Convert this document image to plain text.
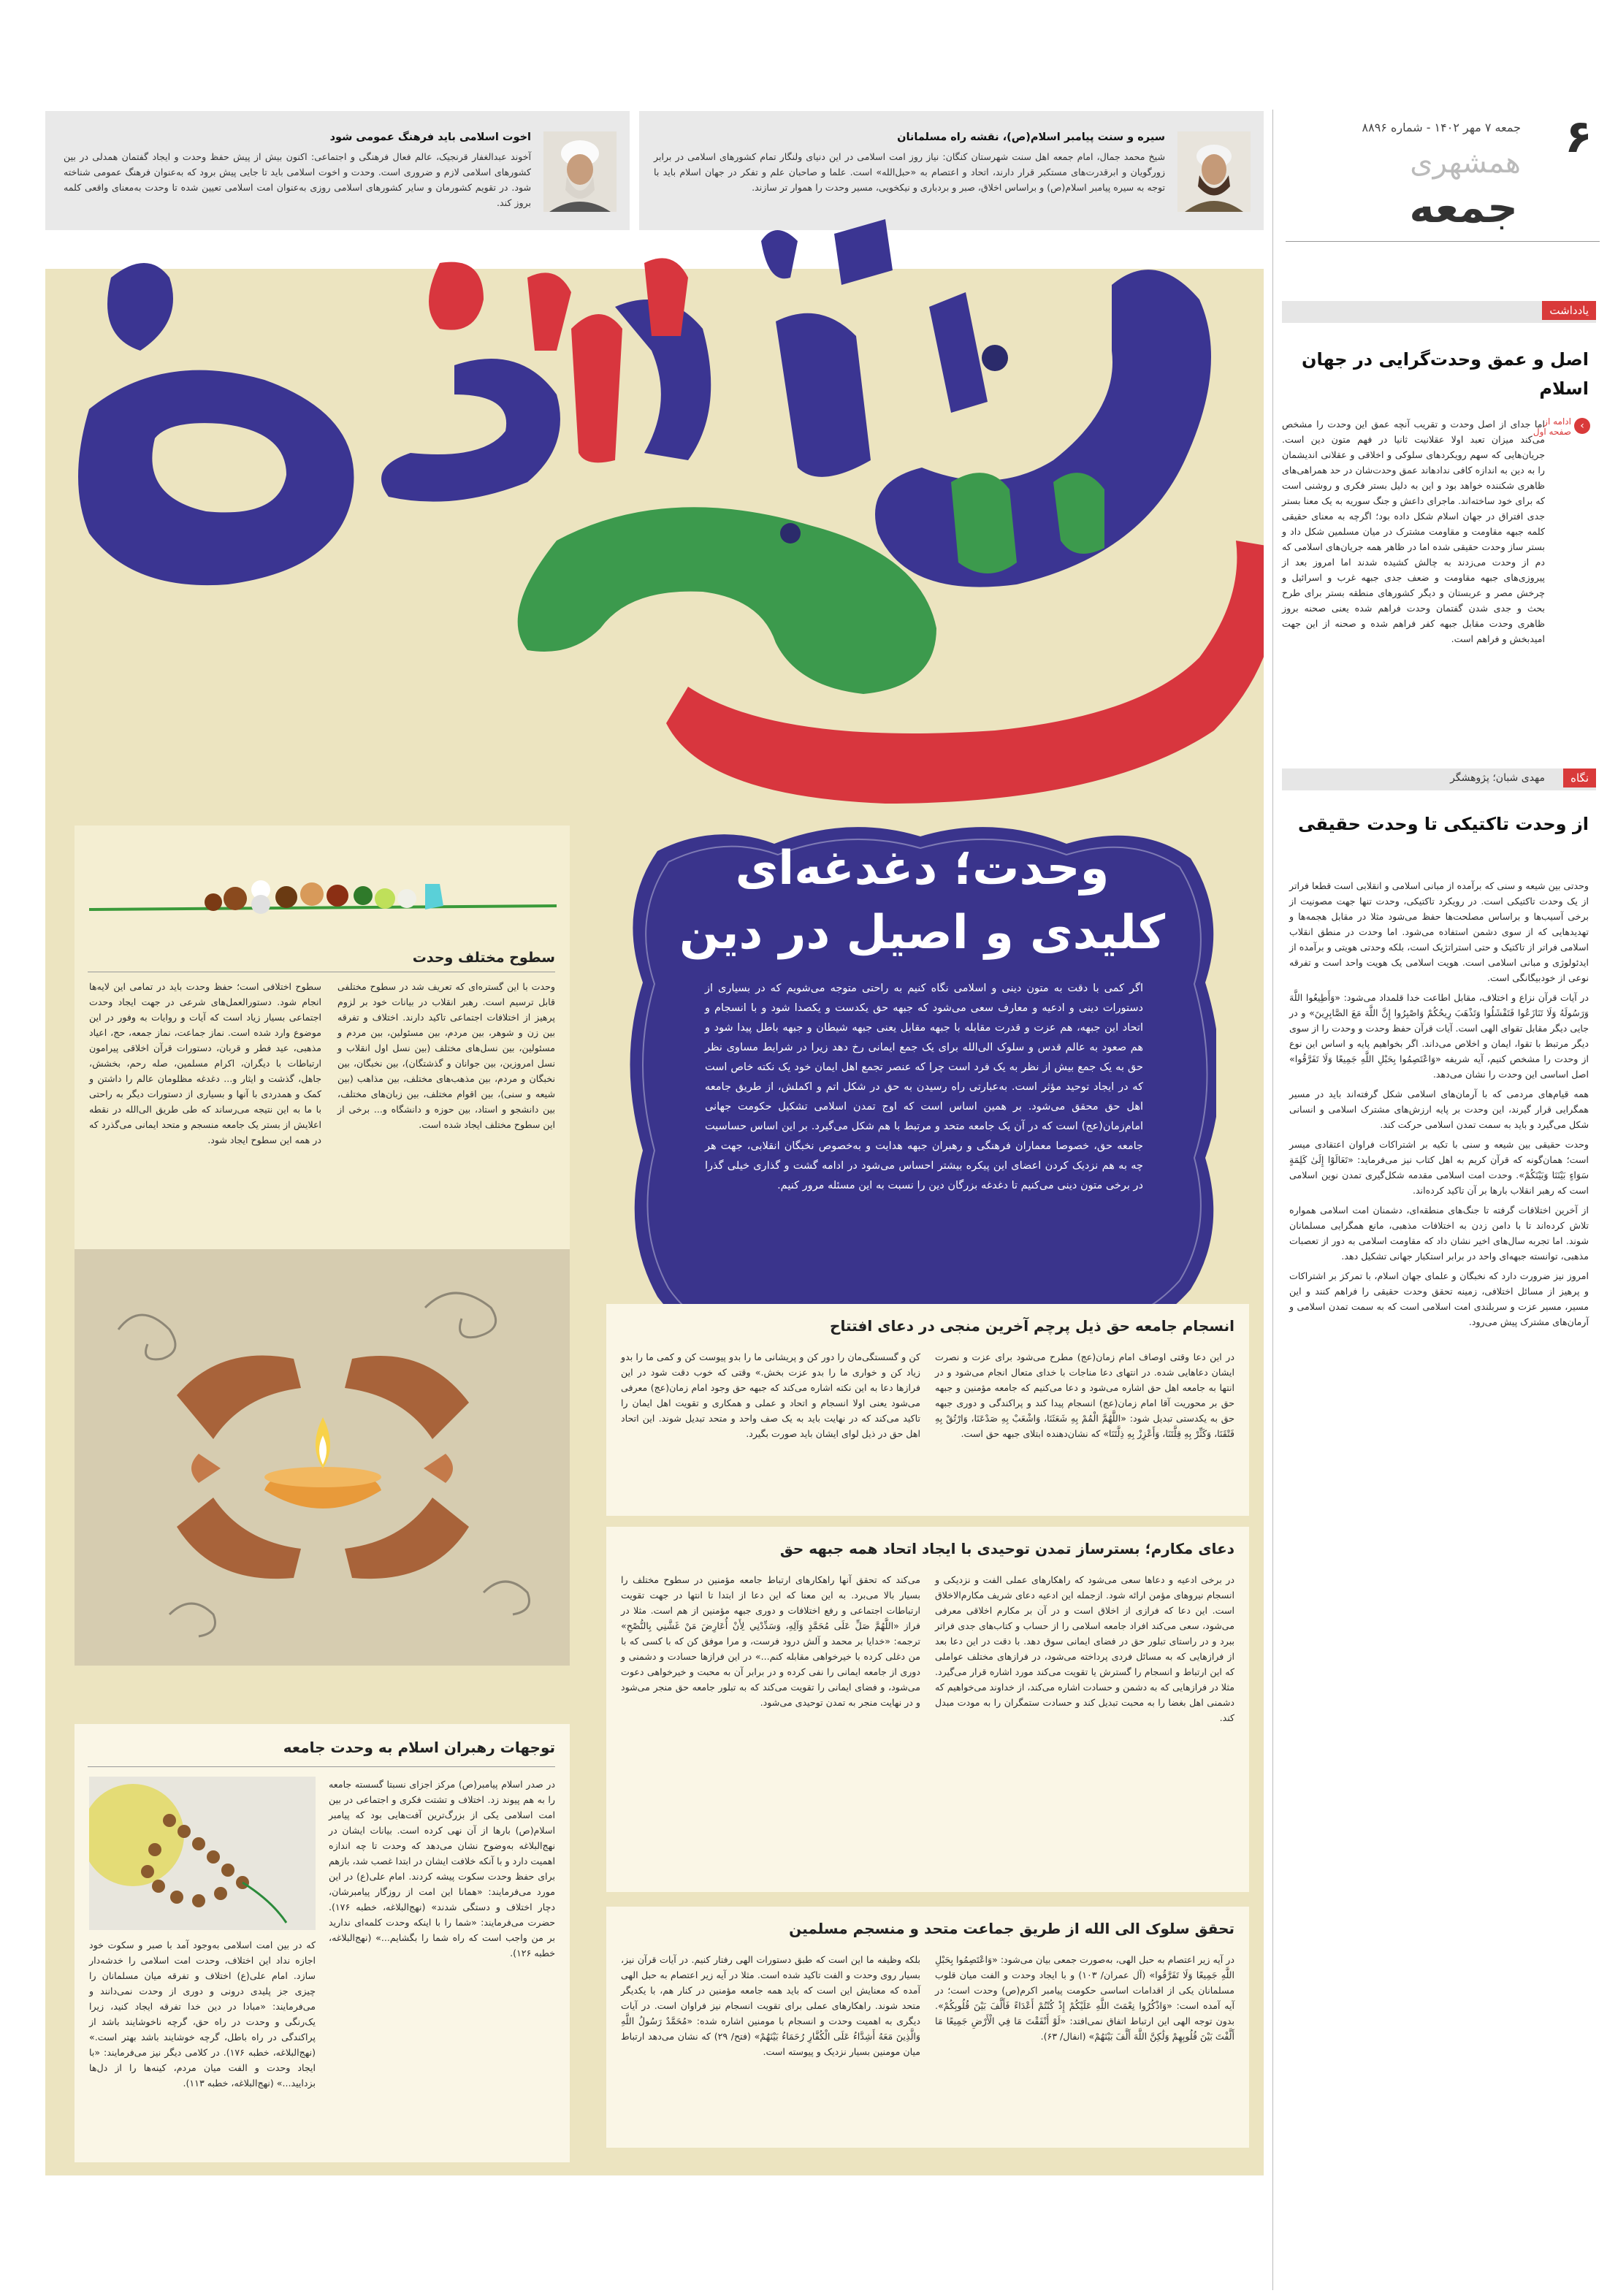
۶
جمعه ۷ مهر ۱۴۰۲ - شماره ۸۸۹۶
همشهری
جمعه
یادداشت
اصل و عمق وحدت‌گرایی در جهان اسلام
‹
ادامه از صفحه اول
اما جدای از اصل وحدت و تقریب آنچه عمق این وحدت را مشخص می‌کند میزان تعبد اولا عقلانیت ثانیا در فهم متون دین است. جریان‌هایی که سهم رویکردهای سلوکی و اخلاقی و عقلانی اندیشمان را به دین به اندازه کافی ندادهاند عمق وحدت‌شان در حد همراهی‌های ظاهری شکننده خواهد بود و این به دلیل بستر فکری و روشنی است که برای خود ساخته‌اند. ماجرای داعش و جنگ سوریه به یک معنا بستر جدی افتراق در جهان اسلام شکل داده بود؛ اگرچه به معنای حقیقی کلمه جبهه مقاومت و مقاومت مشترک در میان مسلمین شکل داد و بستر ساز وحدت حقیقی شده اما در ظاهر همه جریان‌های اسلامی که دم از وحدت می‌زدند به چالش کشیده شدند اما امروز بعد از پیروزی‌های جبهه مقاومت و ضعف جدی جبهه غرب و اسرائیل و چرخش مصر و عربستان و دیگر کشورهای منطقه بستر برای طرح بحث و جدی شدن گفتمان وحدت فراهم شده یعنی صحنه بروز ظاهری وحدت مقابل جبهه کفر فراهم شده و صحنه از این جهت امیدبخش و فراهم است.
نگاه
مهدی شبان؛ پژوهشگر
از وحدت تاکتیکی تا وحدت حقیقی

وحدتی بین شیعه و سنی که برآمده از مبانی اسلامی و انقلابی است قطعا فراتر از یک وحدت تاکتیکی است. در رویکرد تاکتیکی، وحدت تنها جهت مصونیت از برخی آسیب‌ها و براساس مصلحت‌ها حفظ می‌شود مثلا در مقابل هجمه‌ها و تهدیدهایی که از سوی دشمن استفاده می‌شود. اما وحدت در منطق انقلاب اسلامی فراتر از تاکتیک و حتی استراتژیک است، بلکه وحدتی هویتی و برآمده از ایدئولوژی و مبانی اسلامی است. هویت اسلامی یک هویت واحد است و تفرقه نوعی از خودبیگانگی است.

در آیات قرآن نزاع و اختلاف، مقابل اطاعت خدا قلمداد می‌شود: «وَأَطِيعُوا اللَّهَ وَرَسُولَهُ وَلَا تَنَازَعُوا فَتَفْشَلُوا وَتَذْهَبَ رِيحُكُمْ وَاصْبِرُوا إِنَّ اللَّهَ مَعَ الصَّابِرِينَ» و در جایی دیگر مقابل تقوای الهی است. آیات قرآن حفظ وحدت و وحدت را از سوی دیگر مرتبط با تقوا، ایمان و اخلاص می‌داند. اگر بخواهیم پایه و اساس این نوع از وحدت را مشخص کنیم، آیه شریفه «وَاعْتَصِمُوا بِحَبْلِ اللَّهِ جَمِيعًا وَلَا تَفَرَّقُوا» اصل اساسی این وحدت را نشان می‌دهد.

همه قیام‌های مردمی که با آرمان‌های اسلامی شکل گرفته‌اند باید در مسیر همگرایی قرار گیرند، این وحدت بر پایه ارزش‌های مشترک اسلامی و انسانی شکل می‌گیرد و باید به سمت تمدن اسلامی حرکت کند.

وحدت حقیقی بین شیعه و سنی با تکیه بر اشتراکات فراوان اعتقادی میسر است؛ همان‌گونه که قرآن کریم به اهل کتاب نیز می‌فرماید: «تَعَالَوْا إِلَىٰ كَلِمَةٍ سَوَاءٍ بَيْنَنَا وَبَيْنَكُمْ». وحدت امت اسلامی مقدمه شکل‌گیری تمدن نوین اسلامی است که رهبر انقلاب بارها بر آن تاکید کرده‌اند.

از آخرین اختلافات گرفته تا جنگ‌های منطقه‌ای، دشمنان امت اسلامی همواره تلاش کرده‌اند تا با دامن زدن به اختلافات مذهبی، مانع همگرایی مسلمانان شوند. اما تجربه سال‌های اخیر نشان داد که مقاومت اسلامی به دور از تعصبات مذهبی، توانسته جبهه‌ای واحد در برابر استکبار جهانی تشکیل دهد.

امروز نیز ضرورت دارد که نخبگان و علمای جهان اسلام، با تمرکز بر اشتراکات و پرهیز از مسائل اختلافی، زمینه تحقق وحدت حقیقی را فراهم کنند و این مسیر، مسیر عزت و سربلندی امت اسلامی است که به سمت تمدن اسلامی و آرمان‌های مشترک پیش می‌رود.

سیره و سنت پیامبر اسلام(ص)، نقشه راه مسلمانان
شیخ محمد جمال، امام جمعه اهل سنت شهرستان کنگان: نیاز روز امت اسلامی در این دنیای ولنگار تمام کشورهای اسلامی در برابر زورگویان و ابرقدرت‌های مستکبر قرار دارند، اتحاد و اعتصام به «حبل‌الله» است. علما و صاحبان علم و تفکر در جهان اسلام باید با توجه به سیره پیامبر اسلام(ص) و براساس اخلاق، صبر و بردباری و نیکخویی، مسیر وحدت را هموار تر سازند.
اخوت اسلامی باید فرهنگ عمومی شود
آخوند عبدالغفار قرنجیک، عالم فعال فرهنگی و اجتماعی: اکنون بیش از پیش حفظ وحدت و ایجاد گفتمان همدلی در بین کشورهای اسلامی لازم و ضروری است. وحدت و اخوت اسلامی باید تا جایی پیش برود که به‌عنوان فرهنگ عمومی شناخته شود. در تقویم کشورمان و سایر کشورهای اسلامی روزی به‌عنوان امت اسلامی تعیین شده تا وحدت به‌معنای واقعی کلمه بروز کند.
وحدت؛ دغدغه‌ای
کلیدی و اصیل در دین
اگر کمی با دقت به متون دینی و اسلامی نگاه کنیم به راحتی متوجه می‌شویم که در بسیاری از دستورات دینی و ادعیه و معارف سعی می‌شود که جبهه حق یکدست و یکصدا شود و با انسجام و اتحاد این جبهه، هم عزت و قدرت مقابله با جبهه مقابل یعنی جبهه شیطان و جبهه باطل پیدا شود و هم صعود به عالم قدس و سلوک الی‌الله برای یک جمع ایمانی رخ دهد زیرا در شرایط مساوی نظر حق به یک جمع بیش از نظر به یک فرد است چرا که عنصر تجمع اهل ایمان خود یک نکته خاص است که در ایجاد توحید مؤثر است. به‌عبارتی راه رسیدن به حق در شکل اتم و اکملش، از طریق جامعه اهل حق محقق می‌شود. بر همین اساس است که اوج تمدن اسلامی تشکیل حکومت جهانی امام‌زمان(عج) است که در آن یک جامعه متحد و مرتبط با هم شکل می‌گیرد. بر این اساس حساسیت جامعه حق، خصوصا معماران فرهنگی و رهبران جبهه هدایت و به‌خصوص نخبگان انقلابی، جهت هر چه به هم نزدیک کردن اعضای این پیکره بیشتر احساس می‌شود در ادامه گشت و گذاری خیلی گذرا در برخی متون دینی می‌کنیم تا دغدغه بزرگان دین را نسبت به این مسئله مرور کنیم.
سطوح مختلف وحدت
وحدت با این گستره‌ای که تعریف شد در سطوح مختلفی قابل ترسیم است. رهبر انقلاب در بیانات خود بر لزوم پرهیز از اختلافات اجتماعی تاکید دارند. اختلاف و تفرقه بین زن و شوهر، بین مردم، بین مسئولین، بین مردم و مسئولین، بین نسل‌های مختلف (بین نسل اول انقلاب و نسل امروزین، بین جوانان و گذشتگان)، بین نخبگان، بین نخبگان و مردم، بین مذهب‌های مختلف، بین مذاهب (بین شیعه و سنی)، بین اقوام مختلف، بین زبان‌های مختلف، بین دانشجو و استاد، بین حوزه و دانشگاه و... برخی از این سطوح مختلف ایجاد شده است.
سطوح اختلافی است؛ حفظ وحدت باید در تمامی این لایه‌ها انجام شود. دستورالعمل‌های شرعی در جهت ایجاد وحدت اجتماعی بسیار زیاد است که آیات و روایات به وفور در این موضوع وارد شده است. نماز جماعت، نماز جمعه، حج، اعیاد مذهبی، عید فطر و قربان، دستورات قرآن اخلاقی پیرامون ارتباطات با دیگران، اکرام مسلمین، صله رحم، بخشش، جاهل، گذشت و ایثار و... دغدغه مظلومان عالم را داشتن و کمک و همدردی با آنها و بسیاری از دستورات دیگر به راحتی با ما به این نتیجه می‌رساند که طی طریق الی‌الله در نقطه اعلایش از بستر یک جامعه منسجم و متحد ایمانی می‌گذرد که در همه این سطوح ایجاد شود.
انسجام جامعه حق ذیل پرچم آخرین منجی در دعای افتتاح
در این دعا وقتی اوصاف امام زمان(عج) مطرح می‌شود برای عزت و نصرت ایشان دعاهایی شده. در انتهای دعا مناجات با خدای متعال انجام می‌شود و در انتها به جامعه اهل حق اشاره می‌شود و دعا می‌کنیم که جامعه مؤمنین و جبهه حق بر محوریت آقا امام زمان(عج) انسجام پیدا کند و پراکندگی و دوری جبهه حق به یکدستی تبدیل شود: «اللَّهُمَّ الْمُمْ بِهِ شَعَثَنَا، وَاشْعَبْ بِهِ صَدْعَنَا، وَارْتُقْ بِهِ فَتْقَنَا، وَكَثِّرْ بِهِ قِلَّتَنَا، وَأَعْزِزْ بِهِ ذِلَّتَنَا» که نشان‌دهنده ابتلای جبهه حق است.
کن و گسستگی‌مان را دور کن و پریشانی ما را بدو پیوست کن و کمی ما را بدو زیاد کن و خواری ما را بدو عزت بخش.» وقتی که خوب دقت شود در این فرازها دعا به این نکته اشاره می‌کند که جبهه حق وجود امام زمان(عج) معرفی می‌شود یعنی اولا انسجام و اتحاد و عملی و همکاری و تقویت اهل ایمان را تاکید می‌کند که در نهایت باید به یک صف واحد و متحد تبدیل شوند. این اتحاد اهل حق در ذیل لوای ایشان باید صورت بگیرد.
دعای مکارم؛ بسترساز تمدن توحیدی با ایجاد اتحاد همه جبهه حق
در برخی ادعیه و دعاها سعی می‌شود که راهکارهای عملی الفت و نزدیکی و انسجام نیروهای مؤمن ارائه شود. ازجمله این ادعیه دعای شریف مکارم‌الاخلاق است. این دعا که فرازی از اخلاق است و در آن بر مکارم اخلاقی معرفی می‌شود، سعی می‌کند افراد جامعه اسلامی را از حساب و کتاب‌های جدی فراتر ببرد و در راستای تبلور حق در فضای ایمانی سوق دهد. با دقت در این دعا بعد از فرازهایی که به مسائل فردی پرداخته می‌شود، در فرازهای مختلف عواملی که این ارتباط و انسجام را گسترش یا تقویت می‌کند مورد اشاره قرار می‌گیرد. مثلا در فرازهایی که به دشمن و حسادت اشاره می‌کند، از خداوند می‌خواهیم که دشمنی اهل بغضا را به محبت تبدیل کند و حسادت ستمگران را به مودت مبدل کند.
می‌کند که تحقق آنها راهکارهای ارتباط جامعه مؤمنین در سطوح مختلف را بسیار بالا می‌برد. به این معنا که این دعا از ابتدا تا انتها در جهت تقویت ارتباطات اجتماعی و رفع اختلافات و دوری جبهه مؤمنین از هم است. مثلا در فراز «اللَّهُمَّ صَلِّ عَلَى مُحَمَّدٍ وَآلِهِ، وَسَدِّدْنِي لِأَنْ أُعَارِضَ مَنْ غَشَّنِي بِالنُّصْحِ» ترجمه: «خدایا بر محمد و آلش درود فرست، و مرا موفق کن که با کسی که با من دغلی کرده با خیرخواهی مقابله کنم...» در این فرازها حسادت و دشمنی و دوری از جامعه ایمانی را نفی کرده و در برابر آن به محبت و خیرخواهی دعوت می‌شود، و فضای ایمانی را تقویت می‌کند که به تبلور جامعه حق منجر می‌شود و در نهایت منجر به تمدن توحیدی می‌شود.
تحقق سلوک الی الله از طریق جماعت متحد و منسجم مسلمین
در آیه زیر اعتصام به حبل الهی، به‌صورت جمعی بیان می‌شود: «وَاعْتَصِمُوا بِحَبْلِ اللَّهِ جَمِيعًا وَلَا تَفَرَّقُوا» (آل عمران/ ۱۰۳) و با ایجاد وحدت و الفت میان قلوب مسلمانان یکی از اقدامات اساسی حکومت پیامبر اکرم(ص) وحدت است؛ در آیه آمده است: «وَاذْكُرُوا نِعْمَتَ اللَّهِ عَلَيْكُمْ إِذْ كُنْتُمْ أَعْدَاءً فَأَلَّفَ بَيْنَ قُلُوبِكُمْ». بدون توجه الهی این ارتباط اتفاق نمی‌افتد: «لَوْ أَنْفَقْتَ مَا فِي الْأَرْضِ جَمِيعًا مَا أَلَّفْتَ بَيْنَ قُلُوبِهِمْ وَلَٰكِنَّ اللَّهَ أَلَّفَ بَيْنَهُمْ» (انفال/ ۶۳).
بلکه وظیفه ما این است که طبق دستورات الهی رفتار کنیم. در آیات قرآن نیز، بسیار روی وحدت و الفت تاکید شده است. مثلا در آیه زیر اعتصام به حبل الهی آمده که معنایش این است که باید همه جامعه مؤمنین در کنار هم، با یکدیگر متحد شوند. راهکارهای عملی برای تقویت انسجام نیز فراوان است. در آیات دیگری به اهمیت وحدت و انسجام با مومنین اشاره شده: «مُحَمَّدٌ رَسُولُ اللَّهِ وَالَّذِينَ مَعَهُ أَشِدَّاءُ عَلَى الْكُفَّارِ رُحَمَاءُ بَيْنَهُمْ» (فتح/ ۲۹) که نشان می‌دهد ارتباط میان مومنین بسیار نزدیک و پیوسته است.
توجهات رهبران اسلام به وحدت جامعه
در صدر اسلام پیامبر(ص) مرکز اجزای نسبتا گسسته جامعه را به هم پیوند زد. اختلاف و تشتت فکری و اجتماعی در بین امت اسلامی یکی از بزرگ‌ترین آفت‌هایی بود که پیامبر اسلام(ص) بارها از آن نهی کرده است. بیانات ایشان در نهج‌البلاغه به‌وضوح نشان می‌دهد که وحدت تا چه اندازه اهمیت دارد و با آنکه خلافت ایشان در ابتدا غصب شد، بازهم برای حفظ وحدت سکوت پیشه کردند. امام علی(ع) در این مورد می‌فرمایند: «همانا این امت از روزگار پیامبرشان، دچار اختلاف و دستگی شدند» (نهج‌البلاغه، خطبه ۱۷۶). حضرت می‌فرمایند: «شما را با اینکه وحدت کلمه‌ای ندارید بر من واجب است که راه شما را بگشایم...» (نهج‌البلاغه، خطبه ۱۲۶).
که در بین امت اسلامی به‌وجود آمد با صبر و سکوت خود اجازه نداد این اختلاف، وحدت امت اسلامی را خدشه‌دار سازد. امام علی(ع) اختلاف و تفرقه میان مسلمانان را چیزی جز پلیدی درونی و دوری از وحدت نمی‌دانند و می‌فرمایند: «مبادا در دین خدا تفرقه ایجاد کنید، زیرا یک‌رنگی و وحدت در راه حق، گرچه ناخوشایند باشد از پراکندگی در راه باطل، گرچه خوشایند باشد بهتر است.» (نهج‌البلاغه، خطبه ۱۷۶). در کلامی دیگر نیز می‌فرمایند: «با ایجاد وحدت و الفت میان مردم، کینه‌ها را از دل‌ها بزدایید...» (نهج‌البلاغه، خطبه ۱۱۳).
